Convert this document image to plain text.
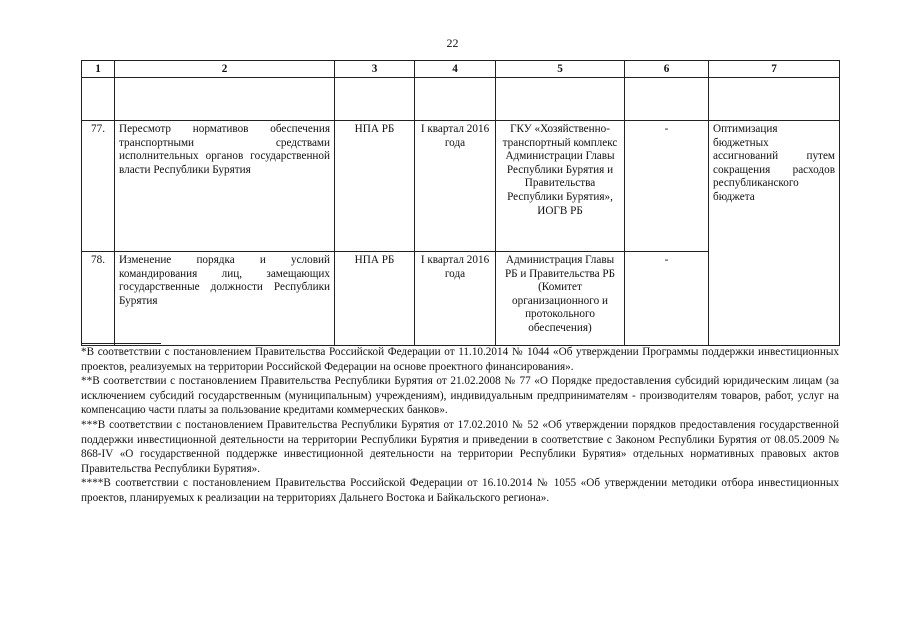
22
1	2	3	4	5	6	7

77.	Пересмотр нормативов обеспечения транспортными средствами исполнительных органов государственной власти Республики Бурятия	НПА РБ	I квартал 2016 года	ГКУ «Хозяйственно-транспортный комплекс Администрации Главы Республики Бурятия и Правительства Республики Бурятия», ИОГВ РБ	-	Оптимизация бюджетных ассигнований путем сокращения расходов республиканского бюджета
78.	Изменение порядка и условий командирования лиц, замещающих государственные должности Республики Бурятия	НПА РБ	I квартал 2016 года	Администрация Главы РБ и Правительства РБ (Комитет организационного и протокольного обеспечения)	-	

*В соответствии с постановлением Правительства Российской Федерации от 11.10.2014 № 1044 «Об утверждении Программы поддержки инвестиционных проектов, реализуемых на территории Российской Федерации на основе проектного финансирования».

**В соответствии с постановлением Правительства Республики Бурятия от 21.02.2008 № 77 «О Порядке предоставления субсидий юридическим лицам (за исключением субсидий государственным (муниципальным) учреждениям), индивидуальным предпринимателям - производителям товаров, работ, услуг на компенсацию части платы за пользование кредитами коммерческих банков».

***В соответствии с постановлением Правительства Республики Бурятия от 17.02.2010 № 52 «Об утверждении порядков предоставления государственной поддержки инвестиционной деятельности на территории Республики Бурятия и приведении в соответствие с Законом Республики Бурятия от 08.05.2009 № 868-IV «О государственной поддержке инвестиционной деятельности на территории Республики Бурятия» отдельных нормативных правовых актов Правительства Республики Бурятия».

****В соответствии с постановлением Правительства Российской Федерации от 16.10.2014 № 1055 «Об утверждении методики отбора инвестиционных проектов, планируемых к реализации на территориях Дальнего Востока и Байкальского региона».
